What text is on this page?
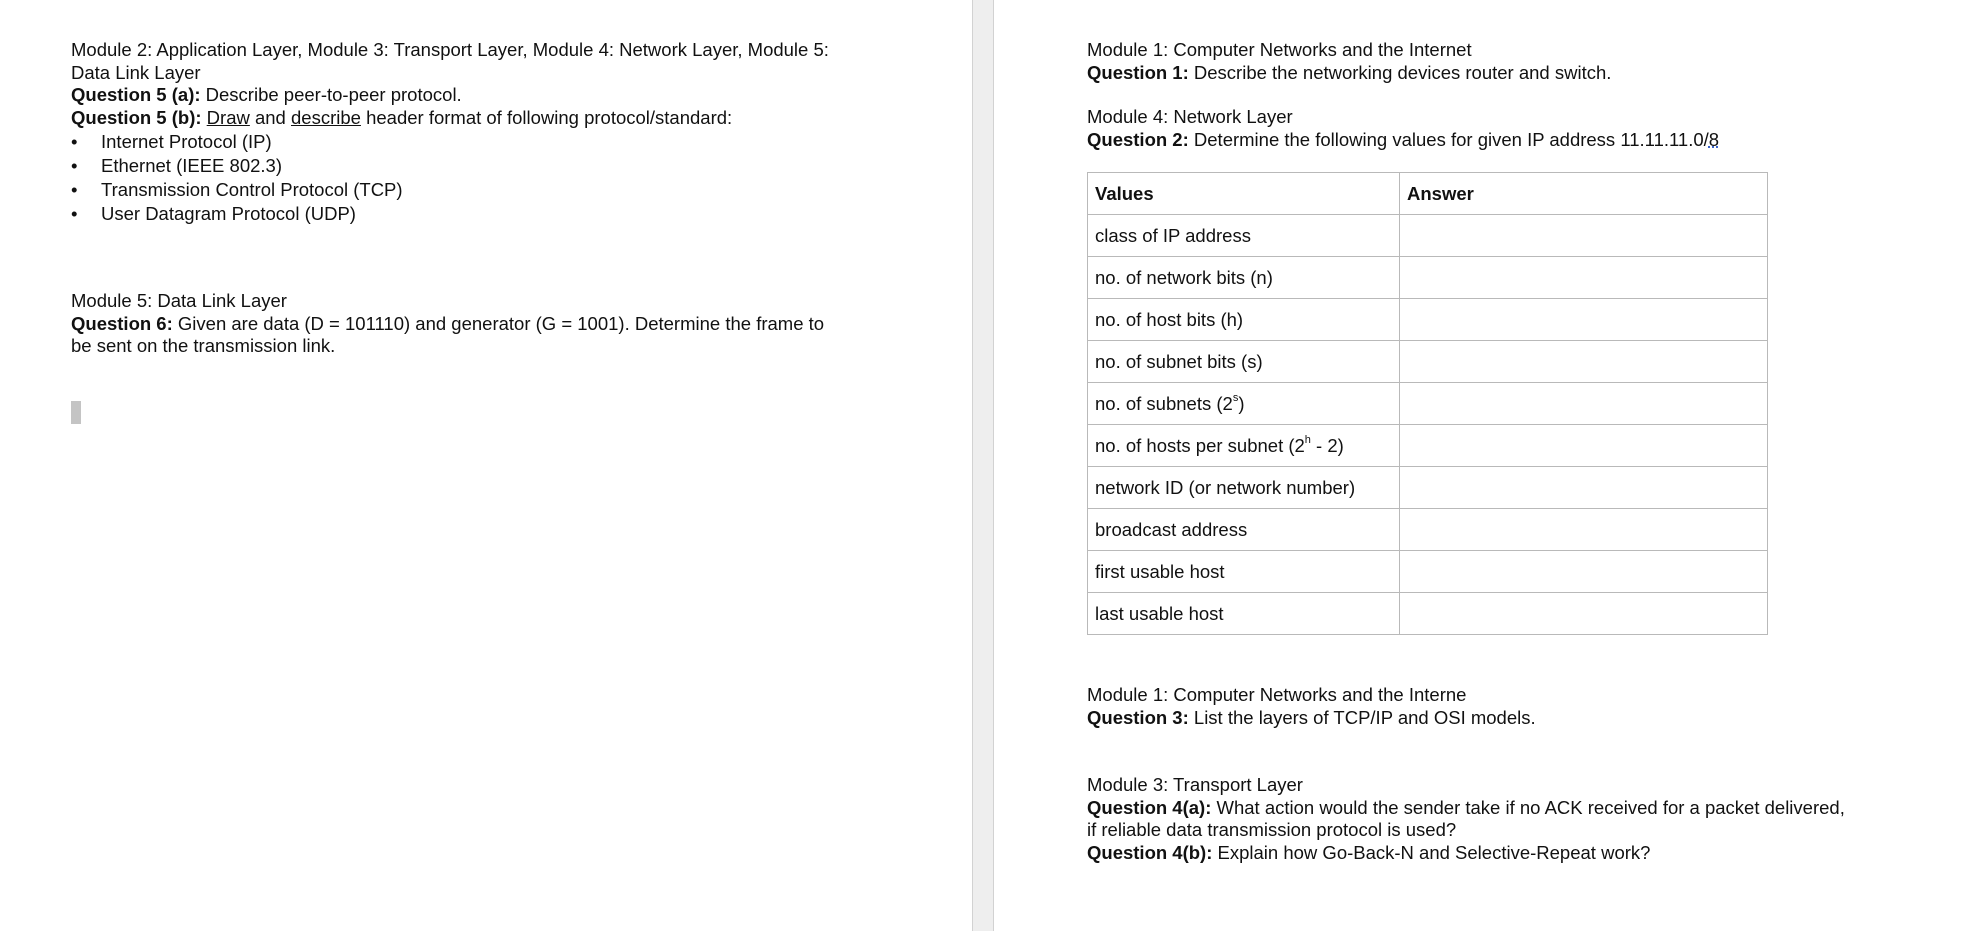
Module 2: Application Layer, Module 3: Transport Layer, Module 4: Network Layer, Module 5:
Data Link Layer
Question 5 (a): Describe peer-to-peer protocol.
Question 5 (b): Draw and describe header format of following protocol/standard:
• Internet Protocol (IP)
• Ethernet (IEEE 802.3)
• Transmission Control Protocol (TCP)
• User Datagram Protocol (UDP)
Module 5: Data Link Layer
Question 6: Given are data (D = 101110) and generator (G = 1001). Determine the frame to
be sent on the transmission link.
Module 1: Computer Networks and the Internet
Question 1: Describe the networking devices router and switch.
Module 4: Network Layer
Question 2: Determine the following values for given IP address 11.11.11.0/8
Values	Answer
class of IP address	
no. of network bits (n)	
no. of host bits (h)	
no. of subnet bits (s)	
no. of subnets (2$^s$)	
no. of hosts per subnet (2$^h$ - 2)	
network ID (or network number)	
broadcast address	
first usable host	
last usable host	
Module 1: Computer Networks and the Interne
Question 3: List the layers of TCP/IP and OSI models.
Module 3: Transport Layer
Question 4(a): What action would the sender take if no ACK received for a packet delivered,
if reliable data transmission protocol is used?
Question 4(b): Explain how Go-Back-N and Selective-Repeat work?
